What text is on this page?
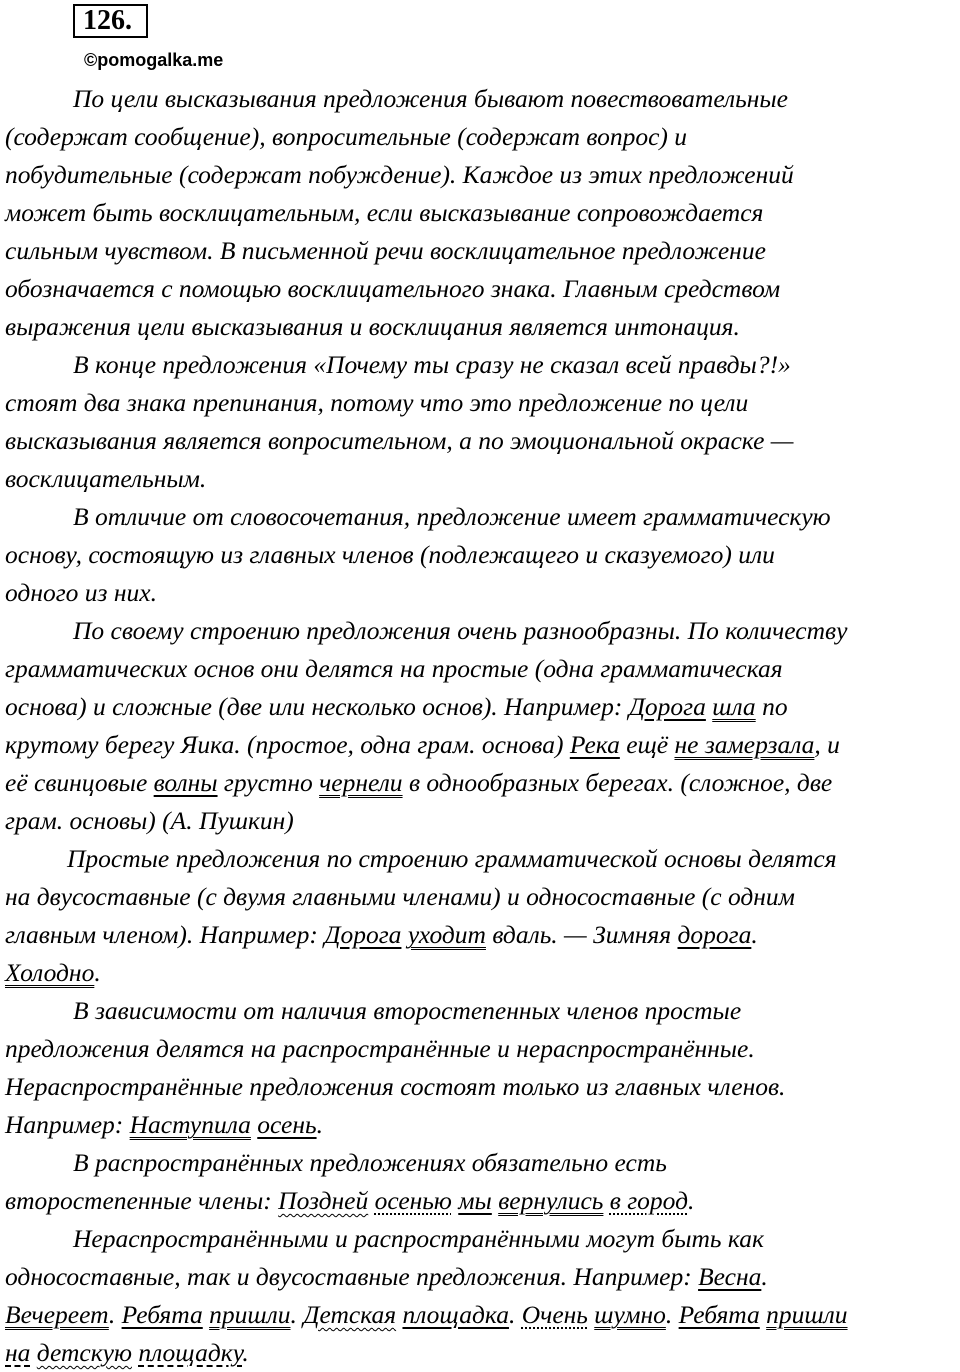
126.
©pomogalka.me
По цели высказывания предложения бывают повествовательные
(содержат сообщение), вопросительные (содержат вопрос) и
побудительные (содержат побуждение). Каждое из этих предложений
может быть восклицательным, если высказывание сопровождается
сильным чувством. В письменной речи восклицательное предложение
обозначается с помощью восклицательного знака. Главным средством
выражения цели высказывания и восклицания является интонация.
В конце предложения «Почему ты сразу не сказал всей правды?!»
стоят два знака препинания, потому что это предложение по цели
высказывания является вопросительном, а по эмоциональной окраске —
восклицательным.
В отличие от словосочетания, предложение имеет грамматическую
основу, состоящую из главных членов (подлежащего и сказуемого) или
одного из них.
По своему строению предложения очень разнообразны. По количеству
грамматических основ они делятся на простые (одна грамматическая
основа) и сложные (две или несколько основ). Например: Дорога шла по
крутому берегу Яика. (простое, одна грам. основа) Река ещё не замерзала, и
её свинцовые волны грустно чернели в однообразных берегах. (сложное, две
грам. основы) (А. Пушкин)
Простые предложения по строению грамматической основы делятся
на двусоставные (с двумя главными членами) и односоставные (с одним
главным членом). Например: Дорога уходит вдаль. — Зимняя дорога.
Холодно.
В зависимости от наличия второстепенных членов простые
предложения делятся на распространённые и нераспространённые.
Нераспространённые предложения состоят только из главных членов.
Например: Наступила осень.
В распространённых предложениях обязательно есть
второстепенные члены: Поздней осенью мы вернулись в город.
Нераспространёнными и распространёнными могут быть как
односоставные, так и двусоставные предложения. Например: Весна.
Вечереет. Ребята пришли. Детская площадка. Очень шумно. Ребята пришли
на детскую площадку.
